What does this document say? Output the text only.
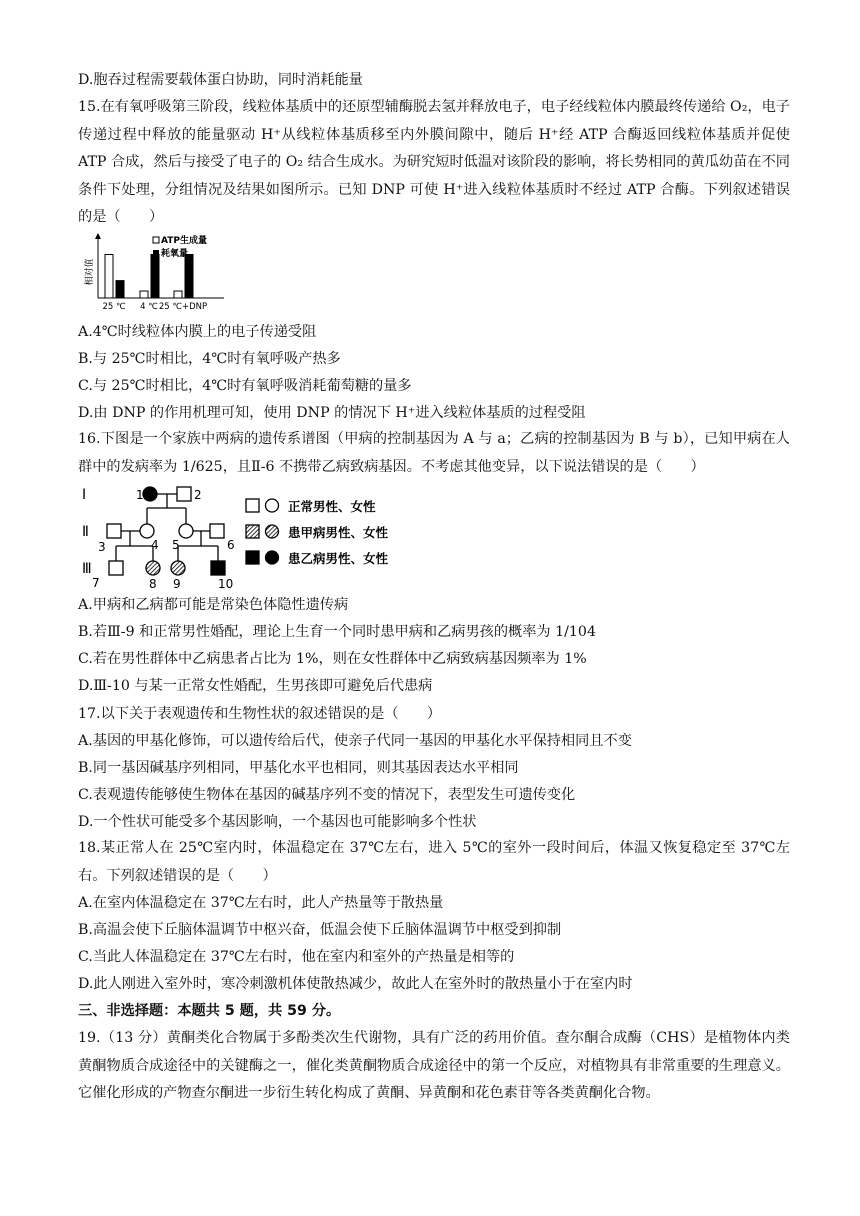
D.胞吞过程需要载体蛋白协助，同时消耗能量
15.在有氧呼吸第三阶段，线粒体基质中的还原型辅酶脱去氢并释放电子，电子经线粒体内膜最终传递给 O₂，电子传递过程中释放的能量驱动 H⁺从线粒体基质移至内外膜间隙中，随后 H⁺经 ATP 合酶返回线粒体基质并促使 ATP 合成，然后与接受了电子的 O₂ 结合生成水。为研究短时低温对该阶段的影响，将长势相同的黄瓜幼苗在不同条件下处理，分组情况及结果如图所示。已知 DNP 可使 H⁺进入线粒体基质时不经过 ATP 合酶。下列叙述错误的是（　　）
相对值
25 ℃ 4 ℃ 25 ℃+DNP
ATP生成量
耗氧量
A.4℃时线粒体内膜上的电子传递受阻
B.与 25℃时相比，4℃时有氧呼吸产热多
C.与 25℃时相比，4℃时有氧呼吸消耗葡萄糖的量多
D.由 DNP 的作用机理可知，使用 DNP 的情况下 H⁺进入线粒体基质的过程受阻
16.下图是一个家族中两病的遗传系谱图（甲病的控制基因为 A 与 a；乙病的控制基因为 B 与 b），已知甲病在人群中的发病率为 1/625，且Ⅱ-6 不携带乙病致病基因。不考虑其他变异，以下说法错误的是（　　）
Ⅰ
Ⅱ
Ⅲ
1	2
3	4 5	6
7	8 9	10
正常男性、女性
患甲病男性、女性
患乙病男性、女性
A.甲病和乙病都可能是常染色体隐性遗传病
B.若Ⅲ-9 和正常男性婚配，理论上生育一个同时患甲病和乙病男孩的概率为 1/104
C.若在男性群体中乙病患者占比为 1%，则在女性群体中乙病致病基因频率为 1%
D.Ⅲ-10 与某一正常女性婚配，生男孩即可避免后代患病
17.以下关于表观遗传和生物性状的叙述错误的是（　　）
A.基因的甲基化修饰，可以遗传给后代，使亲子代同一基因的甲基化水平保持相同且不变
B.同一基因碱基序列相同，甲基化水平也相同，则其基因表达水平相同
C.表观遗传能够使生物体在基因的碱基序列不变的情况下，表型发生可遗传变化
D.一个性状可能受多个基因影响，一个基因也可能影响多个性状
18.某正常人在 25℃室内时，体温稳定在 37℃左右，进入 5℃的室外一段时间后，体温又恢复稳定至 37℃左右。下列叙述错误的是（　　）
A.在室内体温稳定在 37℃左右时，此人产热量等于散热量
B.高温会使下丘脑体温调节中枢兴奋，低温会使下丘脑体温调节中枢受到抑制
C.当此人体温稳定在 37℃左右时，他在室内和室外的产热量是相等的
D.此人刚进入室外时，寒冷刺激机体使散热减少，故此人在室外时的散热量小于在室内时
三、非选择题：本题共 5 题，共 59 分。
19.（13 分）黄酮类化合物属于多酚类次生代谢物，具有广泛的药用价值。查尔酮合成酶（CHS）是植物体内类黄酮物质合成途径中的关键酶之一，催化类黄酮物质合成途径中的第一个反应，对植物具有非常重要的生理意义。它催化形成的产物查尔酮进一步衍生转化构成了黄酮、异黄酮和花色素苷等各类黄酮化合物。
